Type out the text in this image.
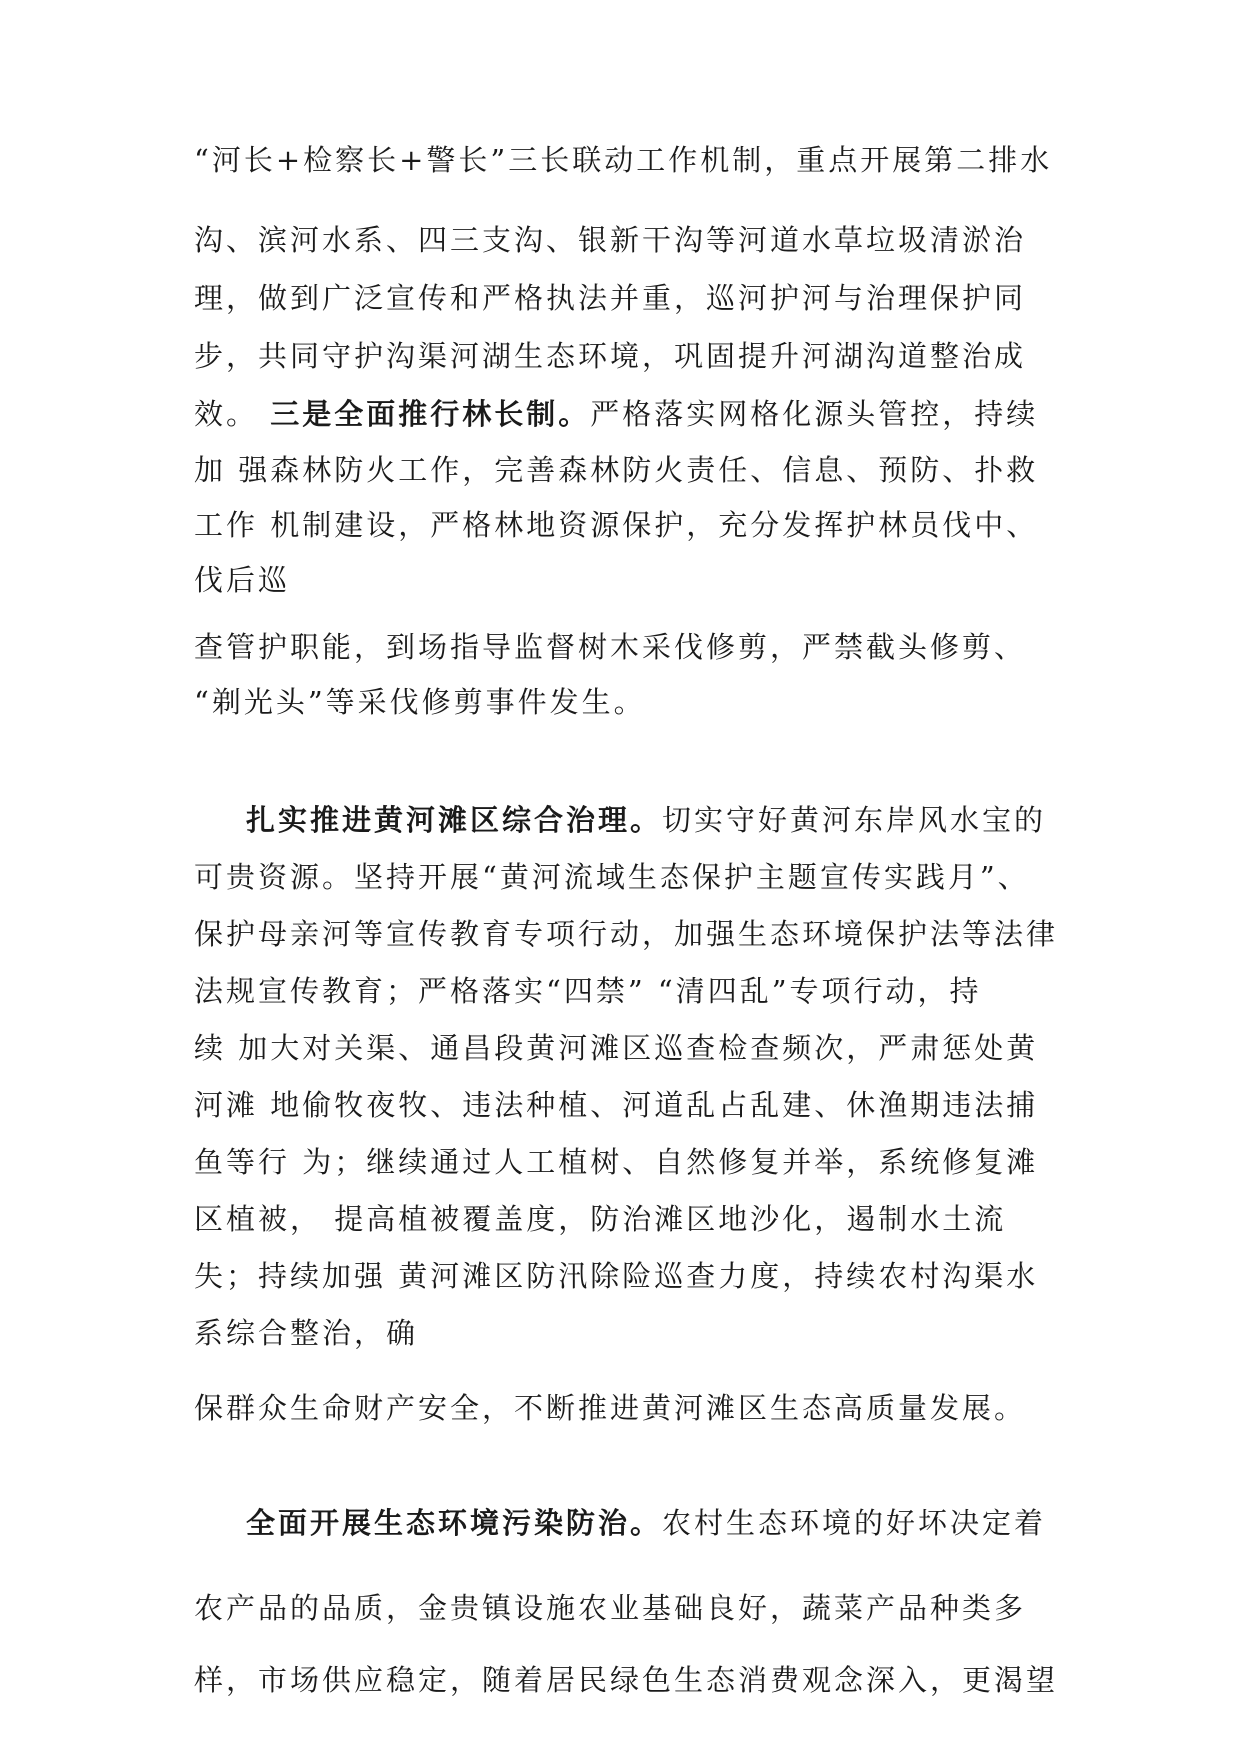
“河长+检察长+警长”三长联动工作机制，重点开展第二排水
沟、滨河水系、四三支沟、银新干沟等河道水草垃圾清淤治
理，做到广泛宣传和严格执法并重，巡河护河与治理保护同
步，共同守护沟渠河湖生态环境，巩固提升河湖沟道整治成
效。 三是全面推行林长制。严格落实网格化源头管控，持续
加 强森林防火工作，完善森林防火责任、信息、预防、扑救
工作 机制建设，严格林地资源保护，充分发挥护林员伐中、
伐后巡
查管护职能，到场指导监督树木采伐修剪，严禁截头修剪、
“剃光头”等采伐修剪事件发生。
扎实推进黄河滩区综合治理。切实守好黄河东岸风水宝的
可贵资源。坚持开展“黄河流域生态保护主题宣传实践月”、
保护母亲河等宣传教育专项行动，加强生态环境保护法等法律
法规宣传教育；严格落实“四禁” “清四乱”专项行动，持
续 加大对关渠、通昌段黄河滩区巡查检查频次，严肃惩处黄
河滩 地偷牧夜牧、违法种植、河道乱占乱建、休渔期违法捕
鱼等行 为；继续通过人工植树、自然修复并举，系统修复滩
区植被， 提高植被覆盖度，防治滩区地沙化，遏制水土流
失；持续加强 黄河滩区防汛除险巡查力度，持续农村沟渠水
系综合整治，确
保群众生命财产安全，不断推进黄河滩区生态高质量发展。
全面开展生态环境污染防治。农村生态环境的好坏决定着
农产品的品质，金贵镇设施农业基础良好，蔬菜产品种类多
样，市场供应稳定，随着居民绿色生态消费观念深入，更渴望
